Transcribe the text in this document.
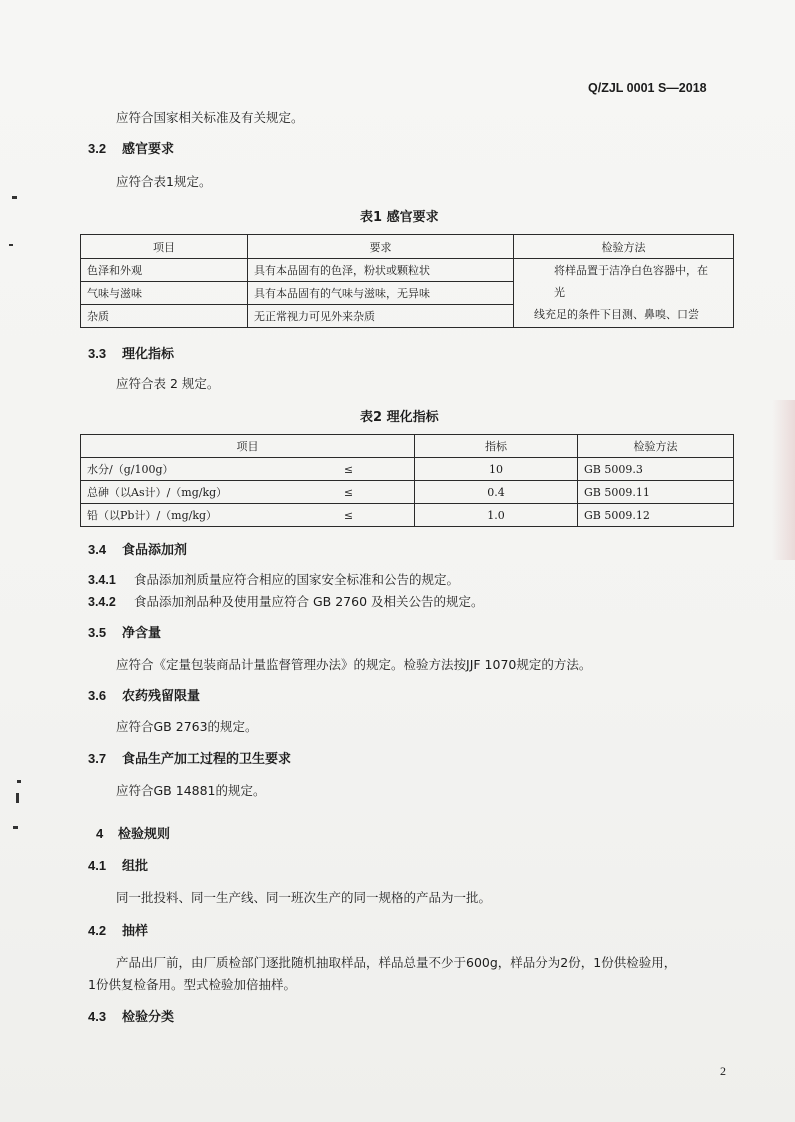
Q/ZJL 0001 S—2018
应符合国家相关标准及有关规定。
3.2 感官要求
应符合表1规定。
表1 感官要求
项目	要求	检验方法
色泽和外观	具有本品固有的色泽，粉状或颗粒状	将样品置于洁净白色容器中，在光
线充足的条件下目测、鼻嗅、口尝

气味与滋味	具有本品固有的气味与滋味，无异味	
杂质	无正常视力可见外来杂质	
3.3 理化指标
应符合表 2 规定。
表2 理化指标
项目		指标	检验方法
水分/（g/100g）	≤	10	GB 5009.3
总砷（以As计）/（mg/kg）	≤	0.4	GB 5009.11
铅（以Pb计）/（mg/kg）	≤	1.0	GB 5009.12
3.4 食品添加剂
3.4.1 食品添加剂质量应符合相应的国家安全标准和公告的规定。
3.4.2 食品添加剂品种及使用量应符合 GB 2760 及相关公告的规定。
3.5 净含量
应符合《定量包装商品计量监督管理办法》的规定。检验方法按JJF 1070规定的方法。
3.6 农药残留限量
应符合GB 2763的规定。
3.7 食品生产加工过程的卫生要求
应符合GB 14881的规定。
4 检验规则
4.1 组批
同一批投料、同一生产线、同一班次生产的同一规格的产品为一批。
4.2 抽样
产品出厂前，由厂质检部门逐批随机抽取样品，样品总量不少于600g，样品分为2份，1份供检验用，
1份供复检备用。型式检验加倍抽样。
4.3 检验分类
2
